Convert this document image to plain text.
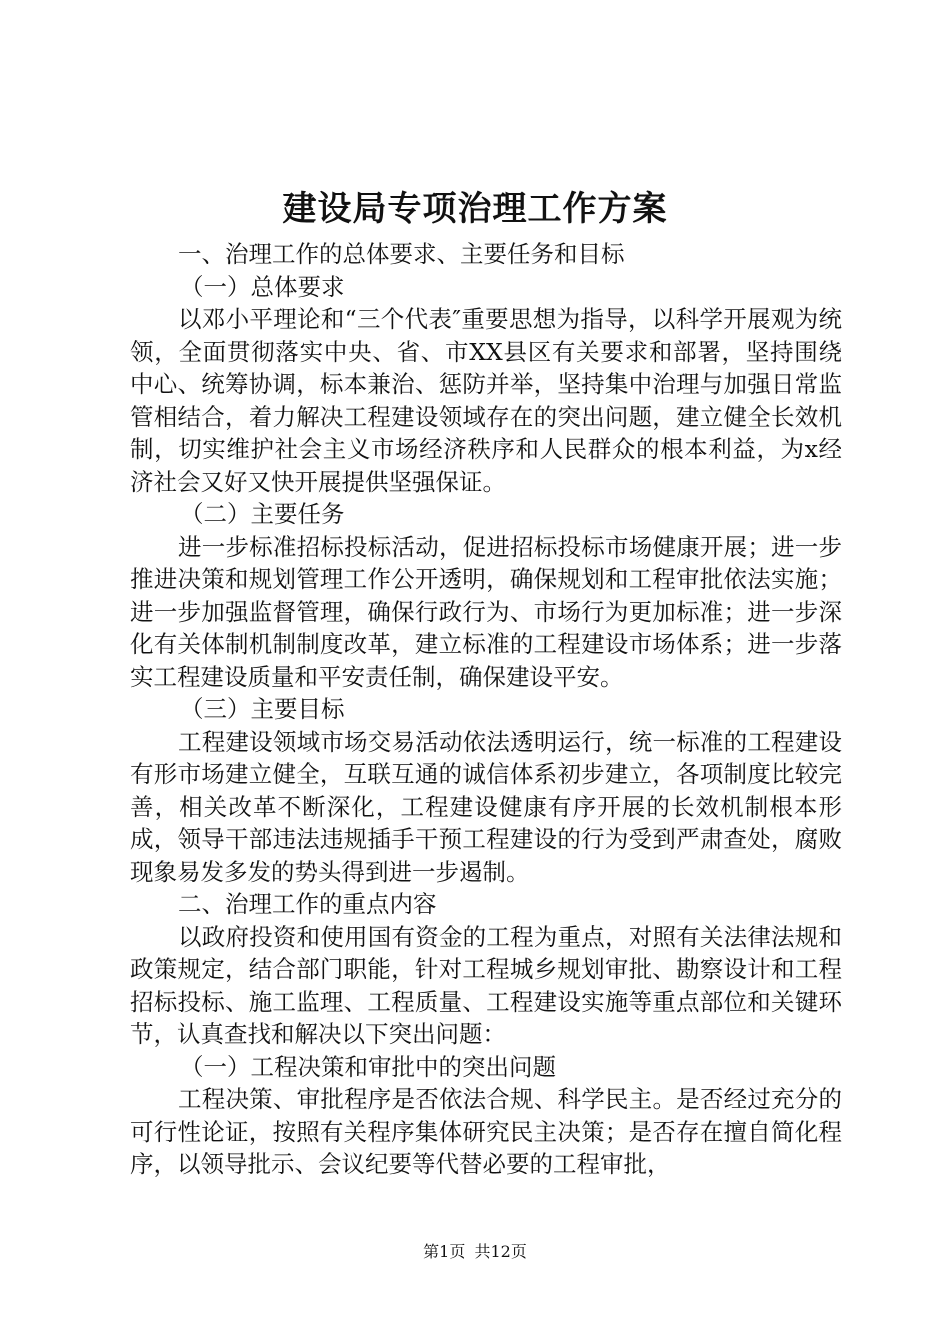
建设局专项治理工作方案

一、治理工作的总体要求、主要任务和目标

（一）总体要求

以邓小平理论和“三个代表″重要思想为指导，以科学开展观为统领，全面贯彻落实中央、省、市XX县区有关要求和部署，坚持围绕中心、统筹协调，标本兼治、惩防并举，坚持集中治理与加强日常监管相结合，着力解决工程建设领域存在的突出问题，建立健全长效机制，切实维护社会主义市场经济秩序和人民群众的根本利益，为x经济社会又好又快开展提供坚强保证。

（二）主要任务

进一步标准招标投标活动，促进招标投标市场健康开展；进一步推进决策和规划管理工作公开透明，确保规划和工程审批依法实施；进一步加强监督管理，确保行政行为、市场行为更加标准；进一步深化有关体制机制制度改革，建立标准的工程建设市场体系；进一步落实工程建设质量和平安责任制，确保建设平安。

（三）主要目标

工程建设领域市场交易活动依法透明运行，统一标准的工程建设有形市场建立健全，互联互通的诚信体系初步建立，各项制度比较完善，相关改革不断深化，工程建设健康有序开展的长效机制根本形成，领导干部违法违规插手干预工程建设的行为受到严肃查处，腐败现象易发多发的势头得到进一步遏制。

二、治理工作的重点内容

以政府投资和使用国有资金的工程为重点，对照有关法律法规和政策规定，结合部门职能，针对工程城乡规划审批、勘察设计和工程招标投标、施工监理、工程质量、工程建设实施等重点部位和关键环节，认真查找和解决以下突出问题：

（一）工程决策和审批中的突出问题

工程决策、审批程序是否依法合规、科学民主。是否经过充分的可行性论证，按照有关程序集体研究民主决策；是否存在擅自简化程序，以领导批示、会议纪要等代替必要的工程审批，

第1页 共12页
